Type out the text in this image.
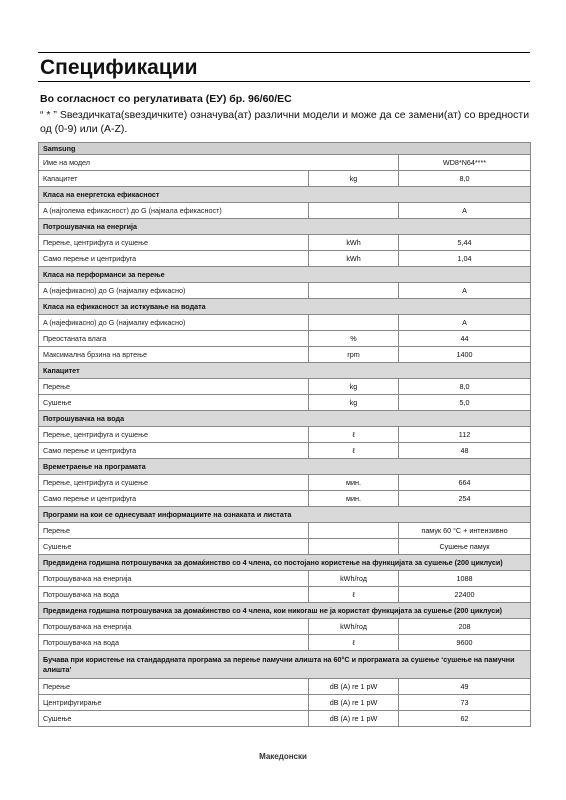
Спецификации
Во согласност со регулативата (ЕУ) бр. 96/60/ЕС
“ * ” Sвездичката(ѕвездичките) означува(ат) различни модели и може да се замени(ат) со вредности од (0-9) или (A-Z).
Samsung		
Име на модел		WD8*N64****
Капацитет	kg	8,0
Класа на енергетска ефикасност		
A (најголема ефикасност) до G (најмала ефикасност)		A
Потрошувачка на енергија		
Перење, центрифуга и сушење	kWh	5,44
Само перење и центрифуга	kWh	1,04
Класа на перформанси за перење		
A (најефикасно) до G (најмалку ефикасно)		A
Класа на ефикасност за исткување на водата		
A (најефикасно) до G (најмалку ефикасно)		A
Преостаната влага	%	44
Максимална брзина на вртење	rpm	1400
Капацитет		
Перење	kg	8,0
Сушење	kg	5,0
Потрошувачка на вода		
Перење, центрифуга и сушење	ℓ	112
Само перење и центрифуга	ℓ	48
Времетраење на програмата		
Перење, центрифуга и сушење	мин.	664
Само перење и центрифуга	мин.	254
Програми на кои се однесуваат информациите на ознаката и листата		
Перење		памук 60 °C + интензивно
Сушење		Сушење памук
Предвидена годишна потрошувачка за домаќинство со 4 члена, со постојано користење на функцијата за сушење (200 циклуси)		
Потрошувачка на енергија	kWh/год	1088
Потрошувачка на вода	ℓ	22400
Предвидена годишна потрошувачка за домаќинство со 4 члена, кои никогаш не ја користат функцијата за сушење (200 циклуси)		
Потрошувачка на енергија	kWh/год	208
Потрошувачка на вода	ℓ	9600
Бучава при користење на стандардната програма за перење памучни алишта на 60°C и програмата за сушење ‘сушење на памучни алишта’		
Перење	dB (A) re 1 pW	49
Центрифугирање	dB (A) re 1 pW	73
Сушење	dB (A) re 1 pW	62
Македонски
